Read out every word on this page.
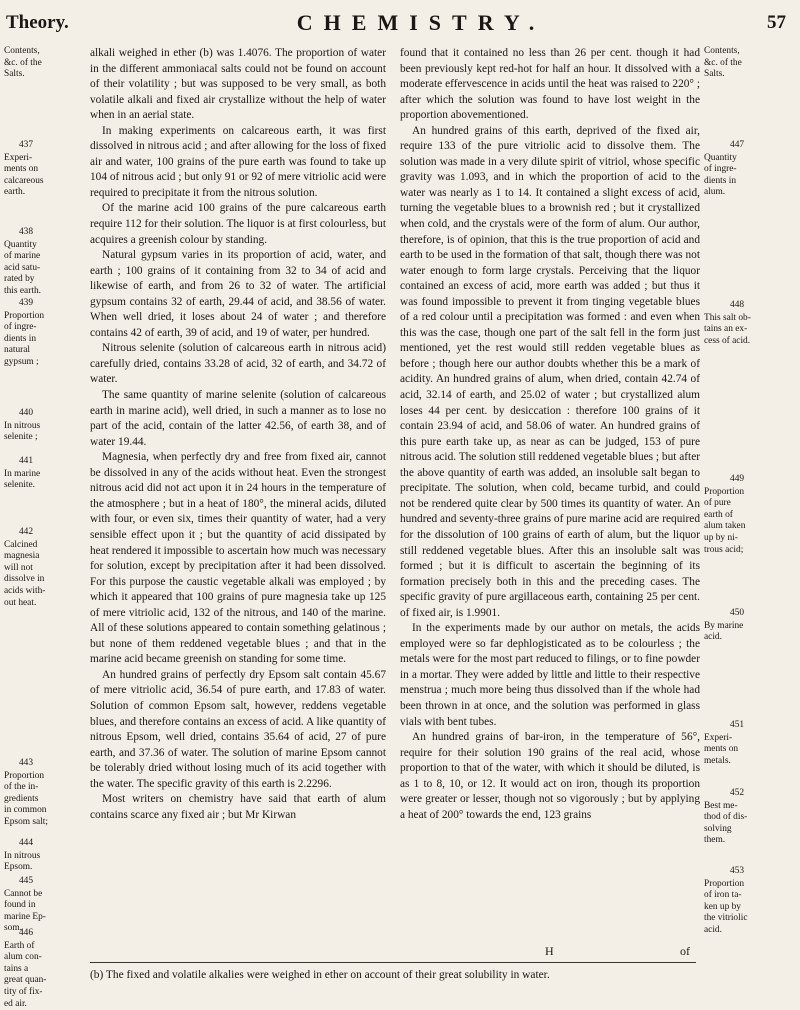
Theory.	CHEMISTRY.	57

alkali weighed in ether (b) was 1.4076. The proportion of water in the different ammoniacal salts could not be found on account of their volatility ; but was supposed to be very small, as both volatile alkali and fixed air crystallize without the help of water when in an aerial state.

In making experiments on calcareous earth, it was first dissolved in nitrous acid ; and after allowing for the loss of fixed air and water, 100 grains of the pure earth was found to take up 104 of nitrous acid ; but only 91 or 92 of mere vitriolic acid were required to precipitate it from the nitrous solution.

Of the marine acid 100 grains of the pure calcareous earth require 112 for their solution. The liquor is at first colourless, but acquires a greenish colour by standing.

Natural gypsum varies in its proportion of acid, water, and earth ; 100 grains of it containing from 32 to 34 of acid and likewise of earth, and from 26 to 32 of water. The artificial gypsum contains 32 of earth, 29.44 of acid, and 38.56 of water. When well dried, it loses about 24 of water ; and therefore contains 42 of earth, 39 of acid, and 19 of water, per hundred.

Nitrous selenite (solution of calcareous earth in nitrous acid) carefully dried, contains 33.28 of acid, 32 of earth, and 34.72 of water.

The same quantity of marine selenite (solution of calcareous earth in marine acid), well dried, in such a manner as to lose no part of the acid, contain of the latter 42.56, of earth 38, and of water 19.44.

Magnesia, when perfectly dry and free from fixed air, cannot be dissolved in any of the acids without heat. Even the strongest nitrous acid did not act upon it in 24 hours in the temperature of the atmosphere ; but in a heat of 180°, the mineral acids, diluted with four, or even six, times their quantity of water, had a very sensible effect upon it ; but the quantity of acid dissipated by heat rendered it impossible to ascertain how much was necessary for solution, except by precipitation after it had been dissolved. For this purpose the caustic vegetable alkali was employed ; by which it appeared that 100 grains of pure magnesia take up 125 of mere vitriolic acid, 132 of the nitrous, and 140 of the marine. All of these solutions appeared to contain something gelatinous ; but none of them reddened vegetable blues ; and that in the marine acid became greenish on standing for some time.

An hundred grains of perfectly dry Epsom salt contain 45.67 of mere vitriolic acid, 36.54 of pure earth, and 17.83 of water. Solution of common Epsom salt, however, reddens vegetable blues, and therefore contains an excess of acid. A like quantity of nitrous Epsom, well dried, contains 35.64 of acid, 27 of pure earth, and 37.36 of water. The solution of marine Epsom cannot be tolerably dried without losing much of its acid together with the water. The specific gravity of this earth is 2.2296.

Most writers on chemistry have said that earth of alum contains scarce any fixed air ; but Mr Kirwan

found that it contained no less than 26 per cent. though it had been previously kept red-hot for half an hour. It dissolved with a moderate effervescence in acids until the heat was raised to 220° ; after which the solution was found to have lost weight in the proportion abovementioned.

An hundred grains of this earth, deprived of the fixed air, require 133 of the pure vitriolic acid to dissolve them. The solution was made in a very dilute spirit of vitriol, whose specific gravity was 1.093, and in which the proportion of acid to the water was nearly as 1 to 14. It contained a slight excess of acid, turning the vegetable blues to a brownish red ; but it crystallized when cold, and the crystals were of the form of alum. Our author, therefore, is of opinion, that this is the true proportion of acid and earth to be used in the formation of that salt, though there was not water enough to form large crystals. Perceiving that the liquor contained an excess of acid, more earth was added ; but thus it was found impossible to prevent it from tinging vegetable blues of a red colour until a precipitation was formed : and even when this was the case, though one part of the salt fell in the form just mentioned, yet the rest would still redden vegetable blues as before ; though here our author doubts whether this be a mark of acidity. An hundred grains of alum, when dried, contain 42.74 of acid, 32.14 of earth, and 25.02 of water ; but crystallized alum loses 44 per cent. by desiccation : therefore 100 grains of it contain 23.94 of acid, and 58.06 of water. An hundred grains of this pure earth take up, as near as can be judged, 153 of pure nitrous acid. The solution still reddened vegetable blues ; but after the above quantity of earth was added, an insoluble salt began to precipitate. The solution, when cold, became turbid, and could not be rendered quite clear by 500 times its quantity of water. An hundred and seventy-three grains of pure marine acid are required for the dissolution of 100 grains of earth of alum, but the liquor still reddened vegetable blues. After this an insoluble salt was formed ; but it is difficult to ascertain the beginning of its formation precisely both in this and the preceding cases. The specific gravity of pure argillaceous earth, containing 25 per cent. of fixed air, is 1.9901.

In the experiments made by our author on metals, the acids employed were so far dephlogisticated as to be colourless ; the metals were for the most part reduced to filings, or to fine powder in a mortar. They were added by little and little to their respective menstrua ; much more being thus dissolved than if the whole had been thrown in at once, and the solution was performed in glass vials with bent tubes.

An hundred grains of bar-iron, in the temperature of 56°, require for their solution 190 grains of the real acid, whose proportion to that of the water, with which it should be diluted, is as 1 to 8, 10, or 12. It would act on iron, though its proportion were greater or lesser, though not so vigorously ; but by applying a heat of 200° towards the end, 123 grains

Contents,
&c. of the
Salts.
437
Experi-
ments on
calcareous
earth.
438
Quantity
of marine
acid satu-
rated by
this earth.
439
Proportion
of ingre-
dients in
natural
gypsum ;
440
In nitrous
selenite ;
441
In marine
selenite.
442
Calcined
magnesia
will not
dissolve in
acids with-
out heat.
443
Proportion
of the in-
gredients
in common
Epsom salt;
444
In nitrous
Epsom.
445
Cannot be
found in
marine Ep-
som.
446
Earth of
alum con-
tains a
great quan-
tity of fix-
ed air.
Contents,
&c. of the
Salts.
447
Quantity
of ingre-
dients in
alum.
448
This salt ob-
tains an ex-
cess of acid.
449
Proportion
of pure
earth of
alum taken
up by ni-
trous acid;
450
By marine
acid.
451
Experi-
ments on
metals.
452
Best me-
thod of dis-
solving
them.
453
Proportion
of iron ta-
ken up by
the vitriolic
acid.
H	of
(b) The fixed and volatile alkalies were weighed in ether on account of their great solubility in water.
